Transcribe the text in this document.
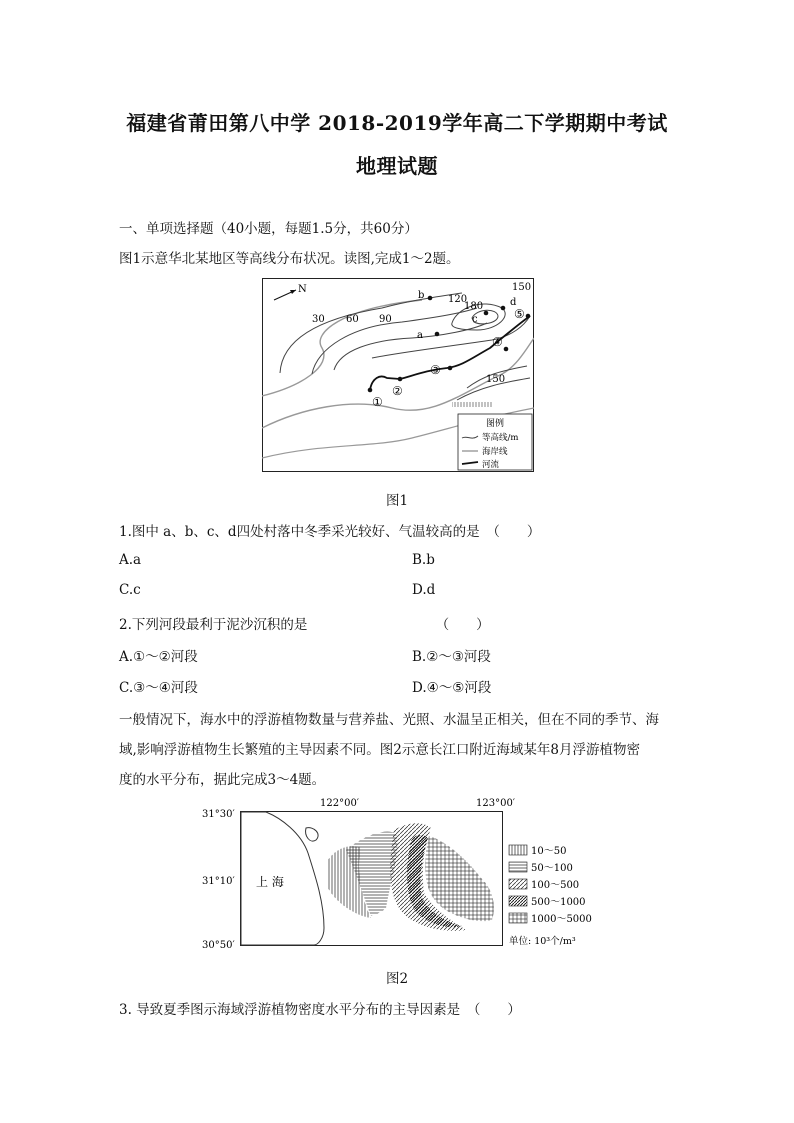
福建省莆田第八中学 2018-2019学年高二下学期期中考试
地理试题
一、单项选择题（40小题，每题1.5分，共60分）
图1示意华北某地区等高线分布状况。读图,完成1～2题。
N
30 60 90
120
180
150
150
a
b
c
d
①
②
③
④
⑤
图例
等高线/m
海岸线
河流
图1
1.图中 a、b、c、d四处村落中冬季采光较好、气温较高的是　（　　）
A.a	B.b
C.c	D.d
2.下列河段最利于泥沙沉积的是　　　　　　　　　　（　　）
A.①～②河段	B.②～③河段
C.③～④河段	D.④～⑤河段
一般情况下，海水中的浮游植物数量与营养盐、光照、水温呈正相关，但在不同的季节、海
域,影响浮游植物生长繁殖的主导因素不同。图2示意长江口附近海域某年8月浮游植物密
度的水平分布，据此完成3～4题。
122°00′	123°00′
31°30′
31°10′
30°50′
上 海
10～50
50～100
100～500
500～1000
1000～5000
单位: 10³个/m³
图2
3. 导致夏季图示海域浮游植物密度水平分布的主导因素是　（　　）
